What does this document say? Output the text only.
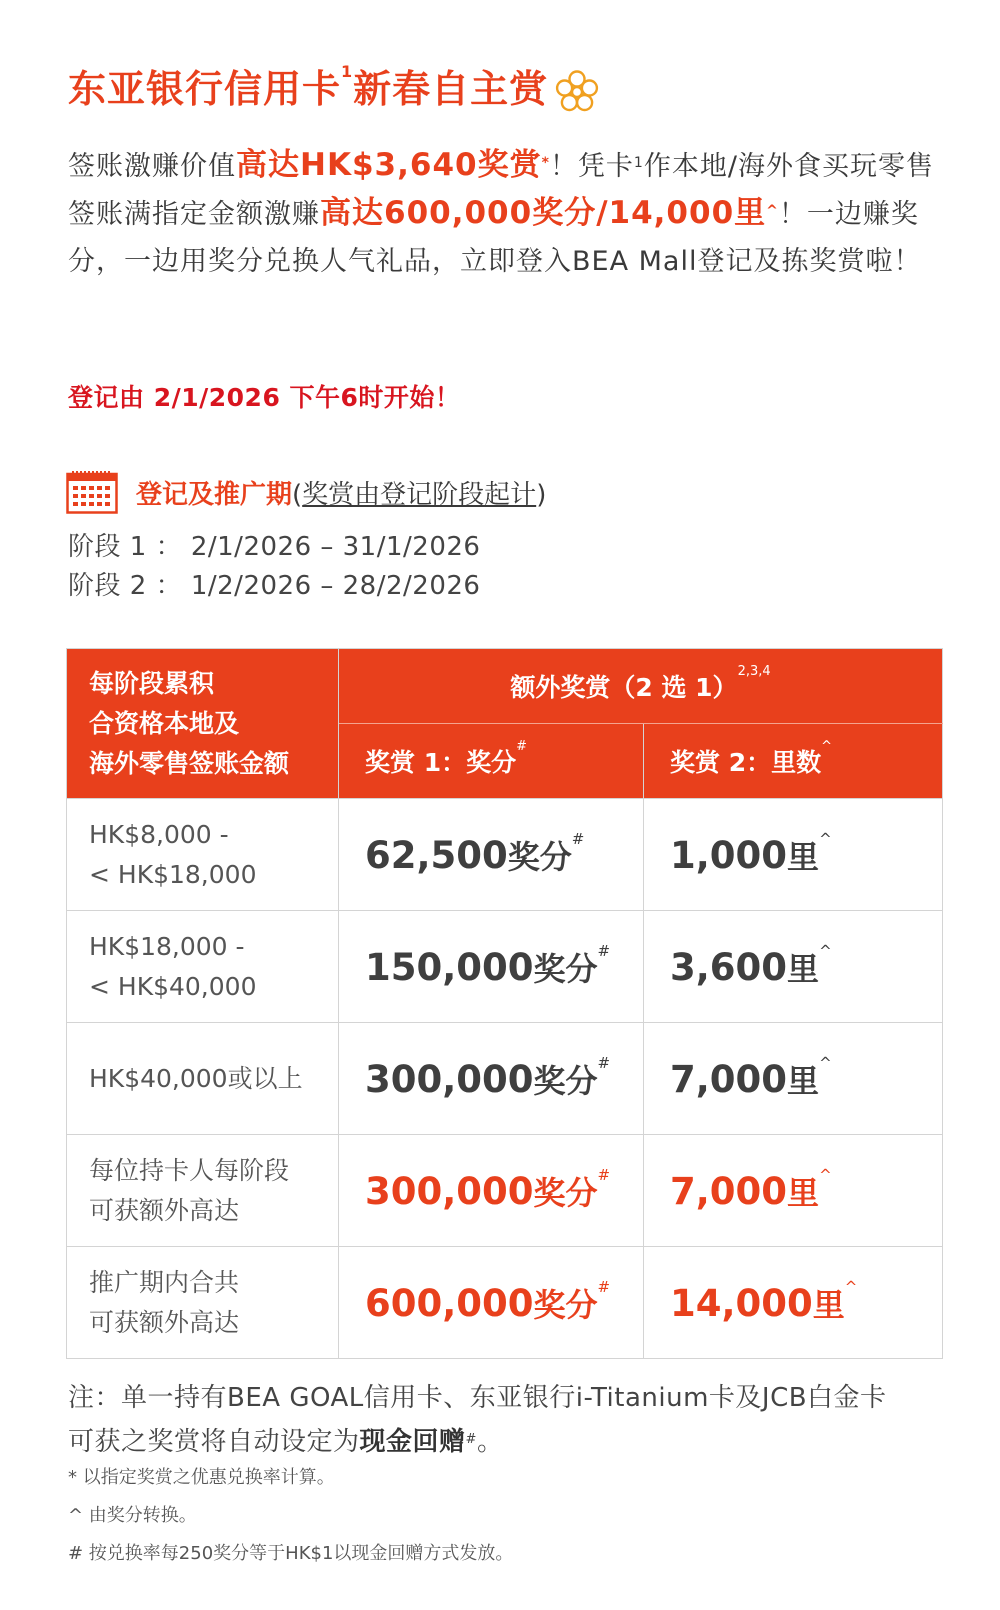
东亚银行信用卡$^1$新春自主赏
签账激赚价值高达HK$3,640奖赏*！凭卡$^1$作本地/海外食买玩零售签账满指定金额激赚高达600,000奖分/14,000里^！一边赚奖分，一边用奖分兑换人气礼品，立即登入BEA Mall登记及拣奖赏啦！
登记由 2/1/2026 下午6时开始！
登记及推广期 (奖赏由登记阶段起计)
阶段 1 ： 2/1/2026 – 31/1/2026
阶段 2 ： 1/2/2026 – 28/2/2026
每阶段累积
合资格本地及
海外零售签账金额	额外奖赏（2 选 1）$^{2,3,4}$
	奖赏 1：奖分#	奖赏 2：里数^
HK$8,000 -
< HK$18,000	62,500奖分#	1,000里^
HK$18,000 -
< HK$40,000	150,000奖分#	3,600里^
HK$40,000或以上	300,000奖分#	7,000里^
每位持卡人每阶段
可获额外高达	300,000奖分#	7,000里^
推广期内合共
可获额外高达	600,000奖分#	14,000里^
注：单一持有BEA GOAL信用卡、东亚银行i-Titanium卡及JCB白金卡
可获之奖赏将自动设定为现金回赠#。
* 以指定奖赏之优惠兑换率计算。
^ 由奖分转换。
# 按兑换率每250奖分等于HK$1以现金回赠方式发放。
